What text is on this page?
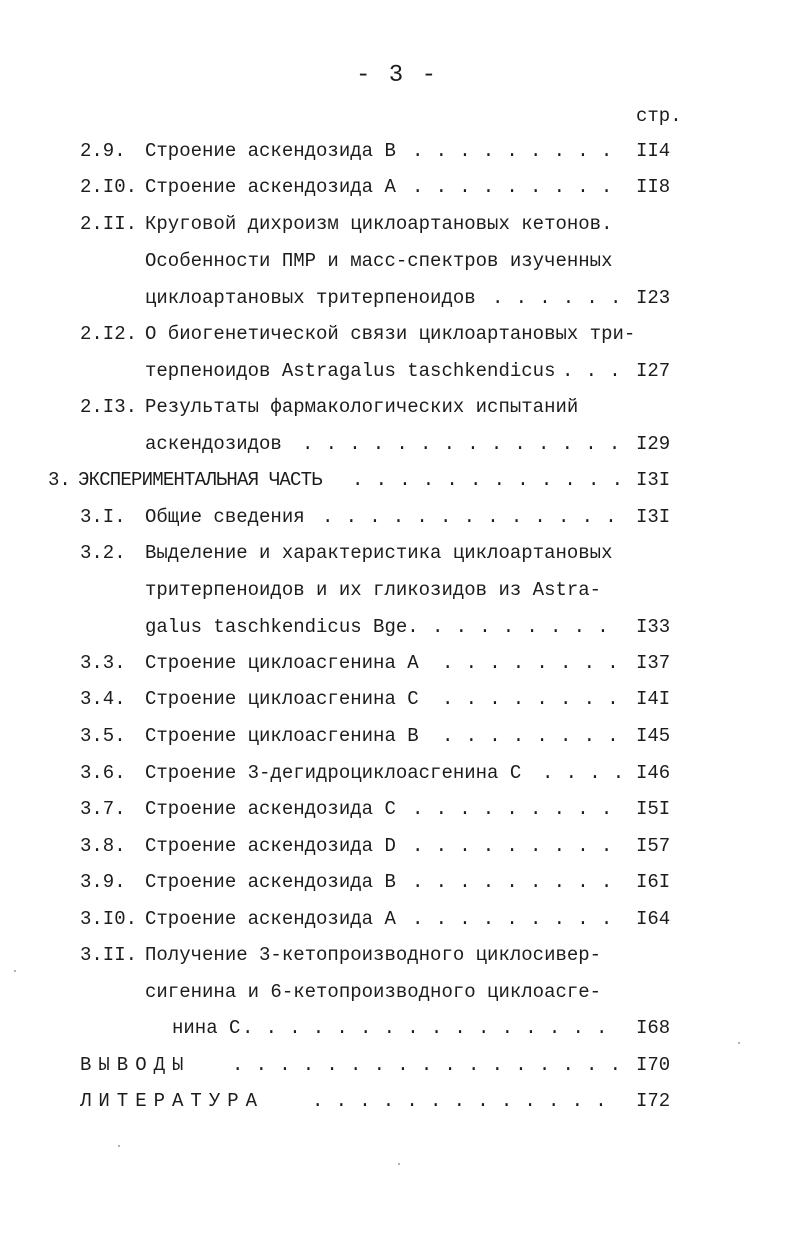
- 3 -
стр.
2.9. Строение аскендозида В . . .	II4
2.I0. Строение аскендозида А . . .	II8
2.II. Круговой дихроизм циклоартановых кетонов.
Особенности ПМР и масс-спектров изученных
циклоартановых тритерпеноидов . . .	I23
2.I2. О биогенетической связи циклоартановых три-
терпеноидов Astragalus taschkendicus . . .	I27
2.I3. Результаты фармакологических испытаний
аскендозидов . . .	I29
3. ЭКСПЕРИМЕНТАЛЬНАЯ ЧАСТЬ . . .	I3I
3.I. Общие сведения . . .	I3I
3.2. Выделение и характеристика циклоартановых
тритерпеноидов и их гликозидов из Astra-
galus taschkendicus Bge. . . .	I33
3.3. Строение циклоасгенина А . . .	I37
3.4. Строение циклоасгенина С . . .	I4I
3.5. Строение циклоасгенина В . . .	I45
3.6. Строение 3-дегидроциклоасгенина С . . .	I46
3.7. Строение аскендозида С . . .	I5I
3.8. Строение аскендозида D . . .	I57
3.9. Строение аскендозида В . . .	I6I
3.I0. Строение аскендозида А . . .	I64
3.II. Получение 3-кетопроизводного циклосивер-
сигенина и 6-кетопроизводного циклоасге-
нина С . . .	I68
ВЫВОДЫ . . .	I70
ЛИТЕРАТУРА . . .	I72
